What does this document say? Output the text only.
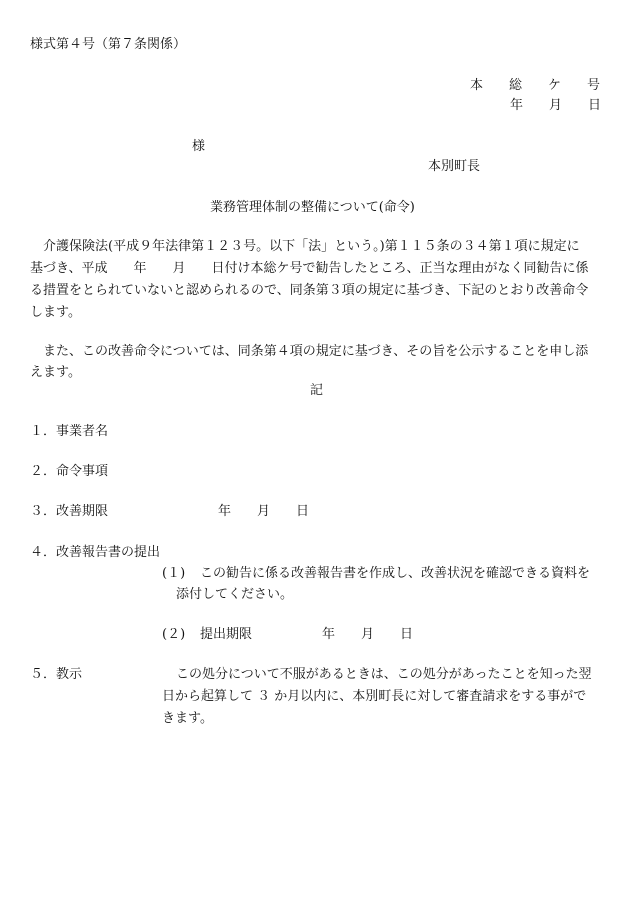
様式第４号（第７条関係）
本　　総　　ケ　　号
年　　月　　日
様
本別町長
業務管理体制の整備について(命令)
介護保険法(平成９年法律第１２３号。以下「法」という。)第１１５条の３４第１項に規定に
基づき、平成　　年　　月　　日付け本総ケ号で勧告したところ、正当な理由がなく同勧告に係
る措置をとられていないと認められるので、同条第３項の規定に基づき、下記のとおり改善命令
します。
また、この改善命令については、同条第４項の規定に基づき、その旨を公示することを申し添
えます。
記
１．事業者名
２．命令事項
３．改善期限	年　　月　　日
４．改善報告書の提出
(１) この勧告に係る改善報告書を作成し、改善状況を確認できる資料を
添付してください。
(２) 提出期限	年　　月　　日
５．教示	この処分について不服があるときは、この処分があったことを知った翌
日から起算して ３ か月以内に、本別町長に対して審査請求をする事がで
きます。
